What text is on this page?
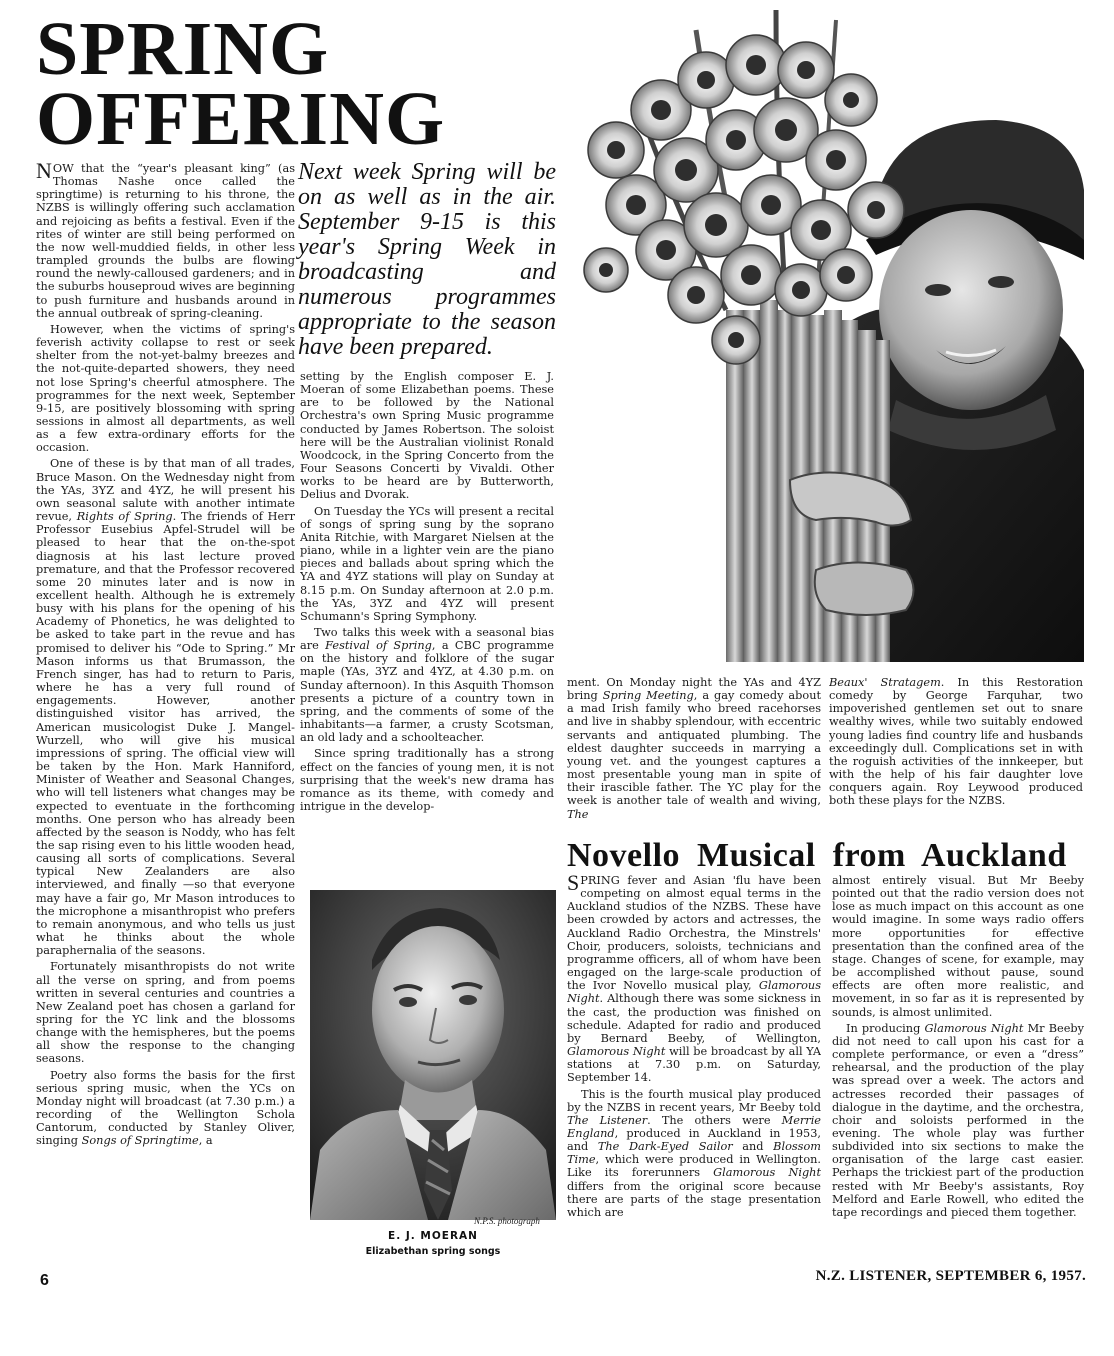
SPRING
OFFERING
Next week Spring will be on as well as in the air. September 9-15 is this year's Spring Week in broadcasting and numerous programmes appropriate to the season have been prepared.

NOW that the “year's pleasant king” (as Thomas Nashe once called the springtime) is returning to his throne, the NZBS is willingly offering such acclamation and rejoicing as befits a festival. Even if the rites of winter are still being performed on the now well-muddied fields, in other less trampled grounds the bulbs are flowing round the newly-calloused gardeners; and in the suburbs houseproud wives are beginning to push furniture and husbands around in the annual outbreak of spring-cleaning.

However, when the victims of spring's feverish activity collapse to rest or seek shelter from the not-yet-balmy breezes and the not-quite-departed showers, they need not lose Spring's cheerful atmosphere. The programmes for the next week, September 9-15, are positively blossoming with spring sessions in almost all departments, as well as a few extra-ordinary efforts for the occasion.

One of these is by that man of all trades, Bruce Mason. On the Wednesday night from the YAs, 3YZ and 4YZ, he will present his own seasonal salute with another intimate revue, Rights of Spring. The friends of Herr Professor Eusebius Apfel-Strudel will be pleased to hear that the on-the-spot diagnosis at his last lecture proved premature, and that the Professor recovered some 20 minutes later and is now in excellent health. Although he is extremely busy with his plans for the opening of his Academy of Phonetics, he was delighted to be asked to take part in the revue and has promised to deliver his “Ode to Spring.” Mr Mason informs us that Brumasson, the French singer, has had to return to Paris, where he has a very full round of engagements. However, another distinguished visitor has arrived, the American musicologist Duke J. Mangel-Wurzell, who will give his musical impressions of spring. The official view will be taken by the Hon. Mark Hanniford, Minister of Weather and Seasonal Changes, who will tell listeners what changes may be expected to eventuate in the forthcoming months. One person who has already been affected by the season is Noddy, who has felt the sap rising even to his little wooden head, causing all sorts of complications. Several typical New Zealanders are also interviewed, and finally —so that everyone may have a fair go, Mr Mason introduces to the microphone a misanthropist who prefers to remain anonymous, and who tells us just what he thinks about the whole paraphernalia of the seasons.

Fortunately misanthropists do not write all the verse on spring, and from poems written in several centuries and countries a New Zealand poet has chosen a garland for spring for the YC link and the blossoms change with the hemispheres, but the poems all show the response to the changing seasons.

Poetry also forms the basis for the first serious spring music, when the YCs on Monday night will broadcast (at 7.30 p.m.) a recording of the Wellington Schola Cantorum, conducted by Stanley Oliver, singing Songs of Springtime, a

setting by the English composer E. J. Moeran of some Elizabethan poems. These are to be followed by the National Orchestra's own Spring Music programme conducted by James Robertson. The soloist here will be the Australian violinist Ronald Woodcock, in the Spring Concerto from the Four Seasons Concerti by Vivaldi. Other works to be heard are by Butterworth, Delius and Dvorak.

On Tuesday the YCs will present a recital of songs of spring sung by the soprano Anita Ritchie, with Margaret Nielsen at the piano, while in a lighter vein are the piano pieces and ballads about spring which the YA and 4YZ stations will play on Sunday at 8.15 p.m. On Sunday afternoon at 2.0 p.m. the YAs, 3YZ and 4YZ will present Schumann's Spring Symphony.

Two talks this week with a seasonal bias are Festival of Spring, a CBC programme on the history and folklore of the sugar maple (YAs, 3YZ and 4YZ, at 4.30 p.m. on Sunday afternoon). In this Asquith Thomson presents a picture of a country town in spring, and the comments of some of the inhabitants—a farmer, a crusty Scotsman, an old lady and a schoolteacher.

Since spring traditionally has a strong effect on the fancies of young men, it is not surprising that the week's new drama has romance as its theme, with comedy and intrigue in the develop-

ment. On Monday night the YAs and 4YZ bring Spring Meeting, a gay comedy about a mad Irish family who breed racehorses and live in shabby splendour, with eccentric servants and antiquated plumbing. The eldest daughter succeeds in marrying a young vet. and the youngest captures a most presentable young man in spite of their irascible father. The YC play for the week is another tale of wealth and wiving, The

Beaux' Stratagem. In this Restoration comedy by George Farquhar, two impoverished gentlemen set out to snare wealthy wives, while two suitably endowed young ladies find country life and husbands exceedingly dull. Complications set in with the roguish activities of the innkeeper, but with the help of his fair daughter love conquers again. Roy Leywood produced both these plays for the NZBS.

Novello Musical from Auckland

SPRING fever and Asian 'flu have been competing on almost equal terms in the Auckland studios of the NZBS. These have been crowded by actors and actresses, the Auckland Radio Orchestra, the Minstrels' Choir, producers, soloists, technicians and programme officers, all of whom have been engaged on the large-scale production of the Ivor Novello musical play, Glamorous Night. Although there was some sickness in the cast, the production was finished on schedule. Adapted for radio and produced by Bernard Beeby, of Wellington, Glamorous Night will be broadcast by all YA stations at 7.30 p.m. on Saturday, September 14.

This is the fourth musical play produced by the NZBS in recent years, Mr Beeby told The Listener. The others were Merrie England, produced in Auckland in 1953, and The Dark-Eyed Sailor and Blossom Time, which were produced in Wellington. Like its forerunners Glamorous Night differs from the original score because there are parts of the stage presentation which are

almost entirely visual. But Mr Beeby pointed out that the radio version does not lose as much impact on this account as one would imagine. In some ways radio offers more opportunities for effective presentation than the confined area of the stage. Changes of scene, for example, may be accomplished without pause, sound effects are often more realistic, and movement, in so far as it is represented by sounds, is almost unlimited.

In producing Glamorous Night Mr Beeby did not need to call upon his cast for a complete performance, or even a “dress” rehearsal, and the production of the play was spread over a week. The actors and actresses recorded their passages of dialogue in the daytime, and the orchestra, choir and soloists performed in the evening. The whole play was further subdivided into six sections to make the organisation of the large cast easier. Perhaps the trickiest part of the production rested with Mr Beeby's assistants, Roy Melford and Earle Rowell, who edited the tape recordings and pieced them together.

N.P.S. photograph
E. J. MOERAN
Elizabethan spring songs
6	N.Z. LISTENER, SEPTEMBER 6, 1957.
